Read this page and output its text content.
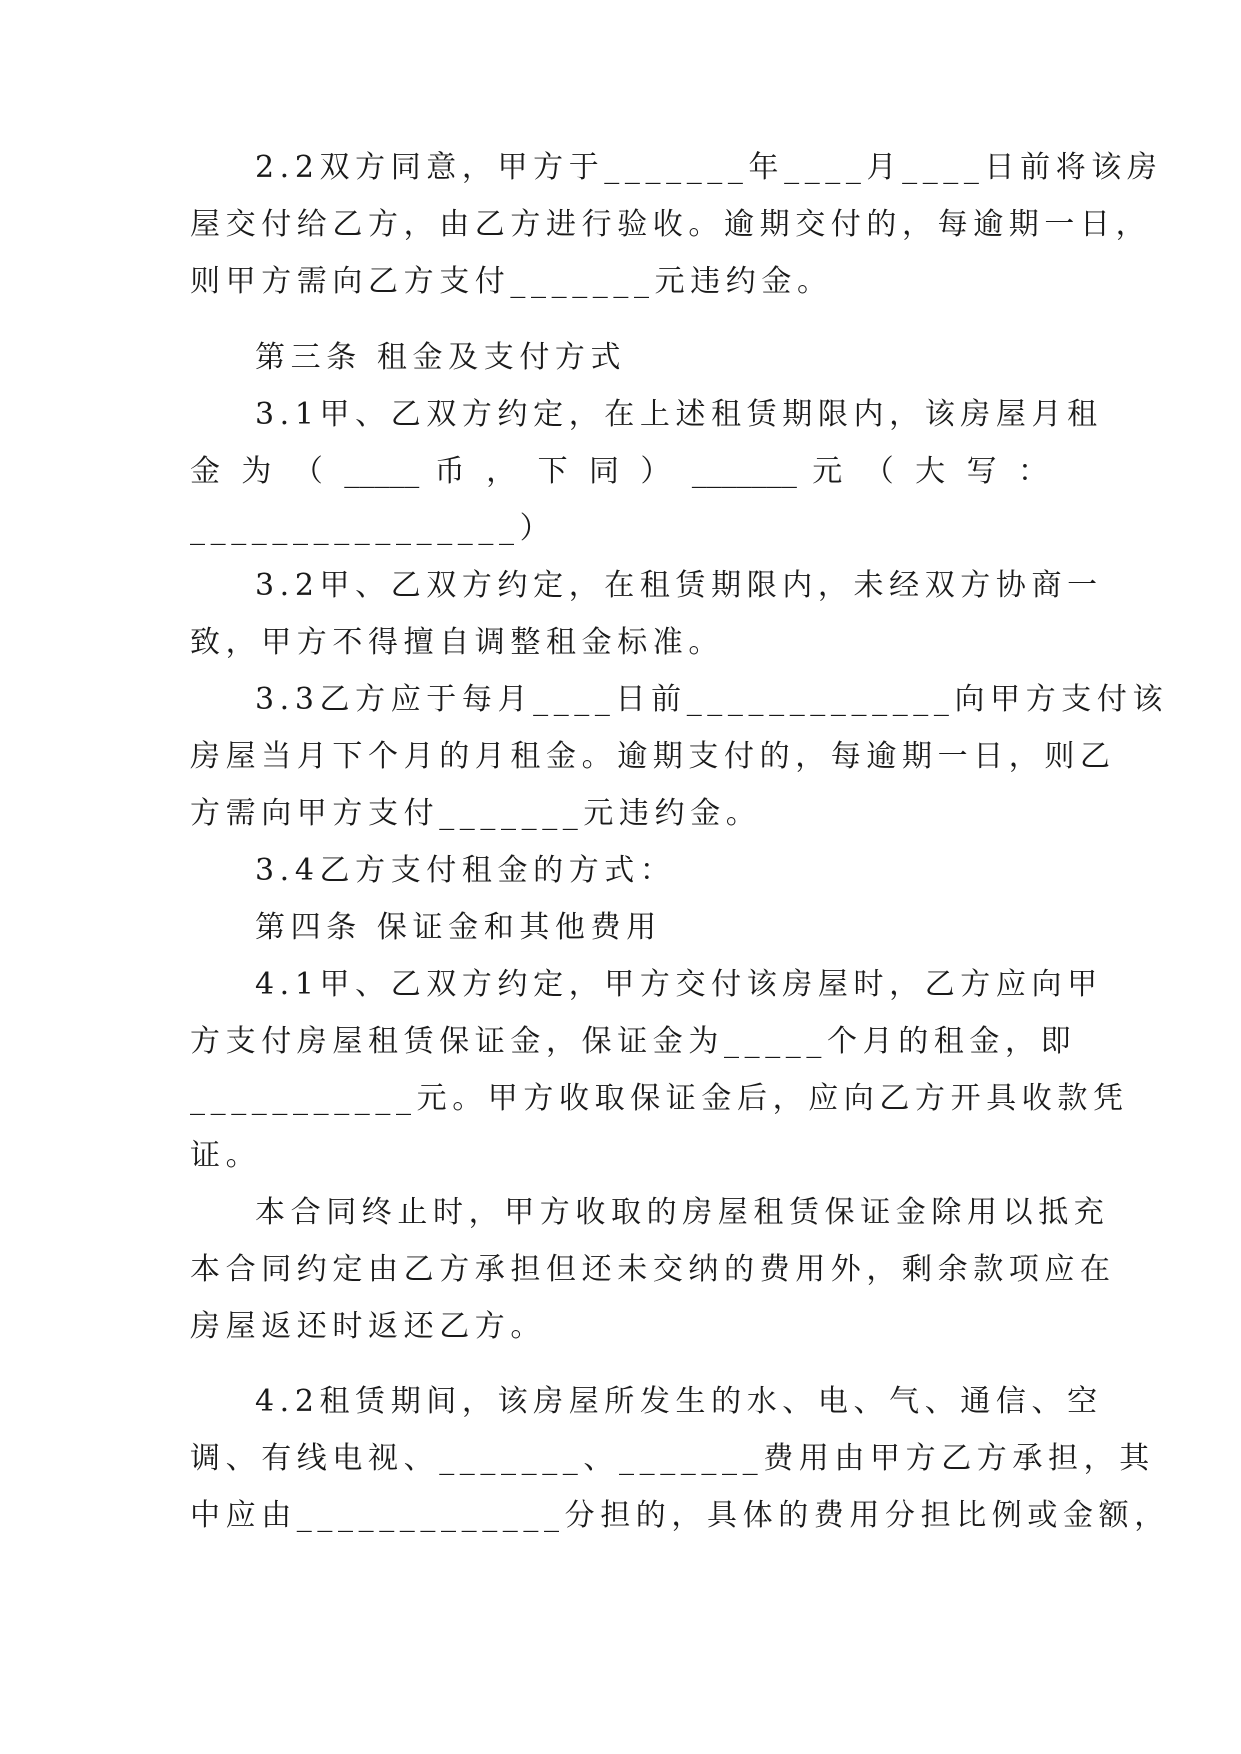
2.2双方同意，甲方于_______年____月____日前将该房
屋交付给乙方，由乙方进行验收。逾期交付的，每逾期一日，
则甲方需向乙方支付_______元违约金。
第三条 租金及支付方式
3.1甲、乙双方约定，在上述租赁期限内，该房屋月租
金 为 （ _____ 币 ， 下 同 ） _______ 元 （ 大 写 ：
________________）
3.2甲、乙双方约定，在租赁期限内，未经双方协商一
致，甲方不得擅自调整租金标准。
3.3乙方应于每月____日前_____________向甲方支付该
房屋当月下个月的月租金。逾期支付的，每逾期一日，则乙
方需向甲方支付_______元违约金。
3.4乙方支付租金的方式：
第四条 保证金和其他费用
4.1甲、乙双方约定，甲方交付该房屋时，乙方应向甲
方支付房屋租赁保证金，保证金为_____个月的租金，即
___________元。甲方收取保证金后，应向乙方开具收款凭
证。
本合同终止时，甲方收取的房屋租赁保证金除用以抵充
本合同约定由乙方承担但还未交纳的费用外，剩余款项应在
房屋返还时返还乙方。
4.2租赁期间，该房屋所发生的水、电、气、通信、空
调、有线电视、_______、_______费用由甲方乙方承担，其
中应由_____________分担的，具体的费用分担比例或金额，
